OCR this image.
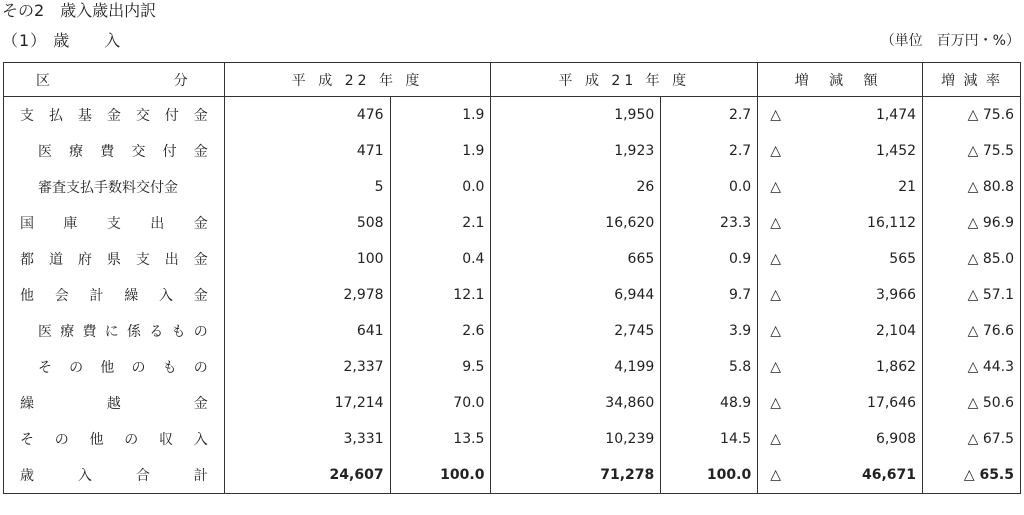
その2　歳入歳出内訳
（1） 歳　　入	（単位　百万円・%）
区 分	平 成 22 年 度		平 成 21 年 度		増 減 額	増 減 率
支払基金交付金	476	1.9	1,950	2.7	△ 1,474	△ 75.6
医療費交付金	471	1.9	1,923	2.7	△ 1,452	△ 75.5
審査支払手数料交付金	5	0.0	26	0.0	△ 21	△ 80.8
国庫支出金	508	2.1	16,620	23.3	△ 16,112	△ 96.9
都道府県支出金	100	0.4	665	0.9	△ 565	△ 85.0
他会計繰入金	2,978	12.1	6,944	9.7	△ 3,966	△ 57.1
医療費に係るもの	641	2.6	2,745	3.9	△ 2,104	△ 76.6
そ の 他 の も の	2,337	9.5	4,199	5.8	△ 1,862	△ 44.3
繰越金	17,214	70.0	34,860	48.9	△ 17,646	△ 50.6
そ の 他 の 収 入	3,331	13.5	10,239	14.5	△ 6,908	△ 67.5
歳入合計	24,607	100.0	71,278	100.0	△ 46,671	△ 65.5
